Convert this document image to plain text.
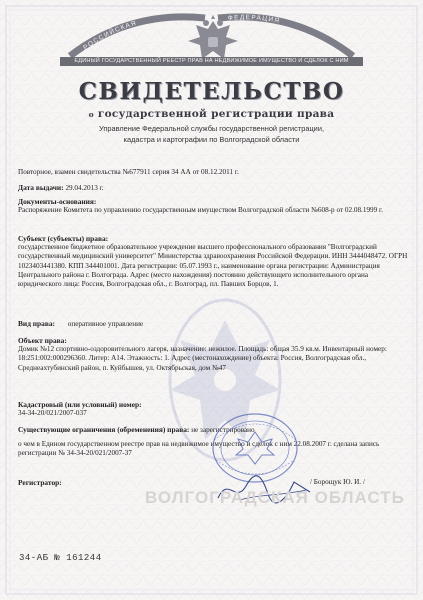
РОССИЙСКАЯ
ФЕДЕРАЦИЯ
ЕДИНЫЙ ГОСУДАРСТВЕННЫЙ РЕЕСТР ПРАВ НА НЕДВИЖИМОЕ ИМУЩЕСТВО И СДЕЛОК С НИМ
СВИДЕТЕЛЬСТВО
о государственной регистрации права
Управление Федеральной службы государственной регистрации,
кадастра и картографии по Волгоградской области
Повторное, взамен свидетельства №677911 серия 34 АА от 08.12.2011 г.
Дата выдачи: 29.04.2013 г.
Документы-основания:
Распоряжение Комитета по управлению государственным имуществом Волгоградской области №608-р от 02.08.1999 г.
Субъект (субъекты) права:
государственное бюджетное образовательное учреждение высшего профессионального образования "Волгоградский государственный медицинский университет" Министерства здравоохранения Российской Федерации. ИНН 3444048472. ОГРН 1023403441380. КПП 344401001. Дата регистрации: 05.07.1993 г., наименование органа регистрации: Администрация Центрального района г. Волгограда. Адрес (место нахождения) постоянно действующего исполнительного органа юридического лица: Россия, Волгоградская обл., г. Волгоград, пл. Павших Борцов, 1.
Вид права: оперативное управление
Объект права:
Домик №12 спортивно-оздоровительного лагеря, назначение: нежилое. Площадь: общая 35.9 кв.м. Инвентарный номер: 18:251:002:000296360. Литер: А14. Этажность: 1. Адрес (местонахождение) объекта: Россия, Волгоградская обл., Среднеахтубинский район, п. Куйбышев, ул. Октябрьская, дом №47
Кадастровый (или условный) номер:
34-34-20/021/2007-037
Существующие ограничения (обременения) права: не зарегистрировано
о чем в Едином государственном реестре прав на недвижимое имущество и сделок с ним 22.08.2007 г. сделана запись регистрации № 34-34-20/021/2007-37
Регистратор:	/ Борощук Ю. И. /
ВОЛГОГРАДСКАЯ ОБЛАСТЬ
34-АБ № 161244
